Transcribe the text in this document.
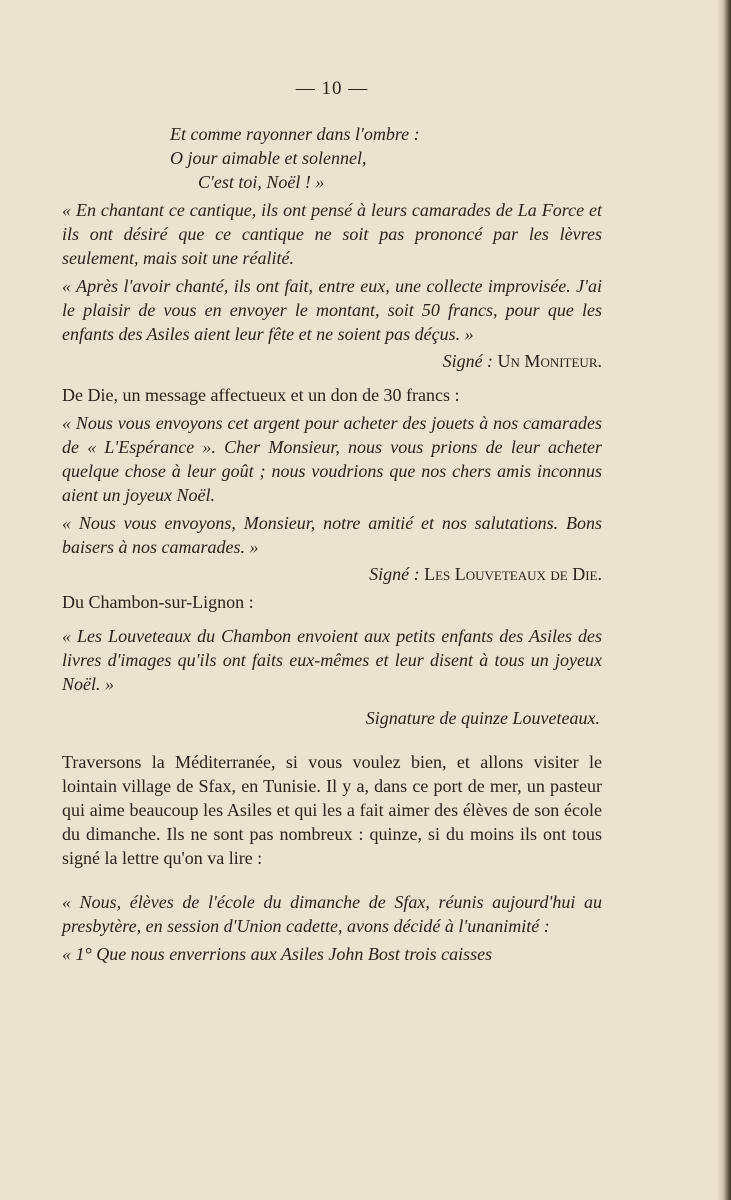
— 10 —
Et comme rayonner dans l'ombre :
O jour aimable et solennel,
C'est toi, Noël ! »

« En chantant ce cantique, ils ont pensé à leurs camarades de La Force et ils ont désiré que ce cantique ne soit pas prononcé par les lèvres seulement, mais soit une réalité.

« Après l'avoir chanté, ils ont fait, entre eux, une collecte improvisée. J'ai le plaisir de vous en envoyer le montant, soit 50 francs, pour que les enfants des Asiles aient leur fête et ne soient pas déçus. »

Signé : Un Moniteur.

De Die, un message affectueux et un don de 30 francs :

« Nous vous envoyons cet argent pour acheter des jouets à nos camarades de « L'Espérance ». Cher Monsieur, nous vous prions de leur acheter quelque chose à leur goût ; nous voudrions que nos chers amis inconnus aient un joyeux Noël.

« Nous vous envoyons, Monsieur, notre amitié et nos salutations. Bons baisers à nos camarades. »

Signé : Les Louveteaux de Die.

Du Chambon-sur-Lignon :

« Les Louveteaux du Chambon envoient aux petits enfants des Asiles des livres d'images qu'ils ont faits eux-mêmes et leur disent à tous un joyeux Noël. »

Signature de quinze Louveteaux.

Traversons la Méditerranée, si vous voulez bien, et allons visiter le lointain village de Sfax, en Tunisie. Il y a, dans ce port de mer, un pasteur qui aime beaucoup les Asiles et qui les a fait aimer des élèves de son école du dimanche. Ils ne sont pas nombreux : quinze, si du moins ils ont tous signé la lettre qu'on va lire :

« Nous, élèves de l'école du dimanche de Sfax, réunis aujourd'hui au presbytère, en session d'Union cadette, avons décidé à l'unanimité :

« 1° Que nous enverrions aux Asiles John Bost trois caisses
